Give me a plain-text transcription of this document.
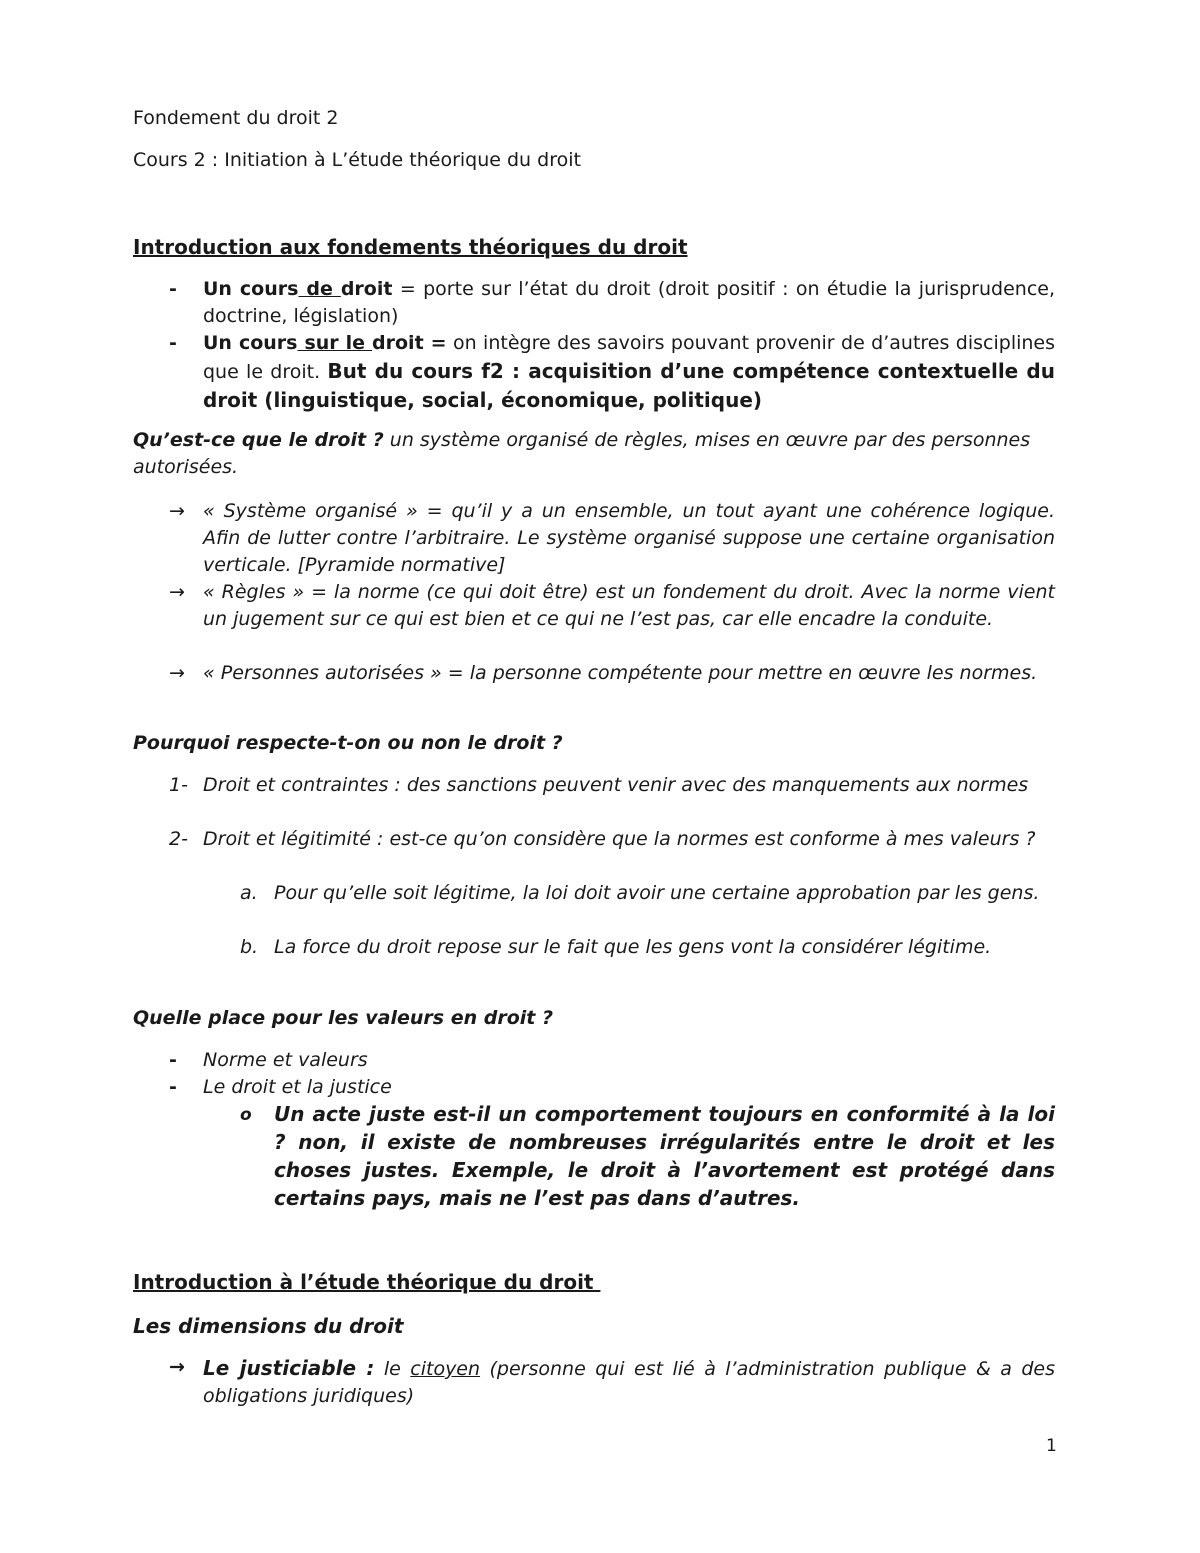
Fondement du droit 2
Cours 2 : Initiation à L’étude théorique du droit
Introduction aux fondements théoriques du droit
-	Un cours de droit = porte sur l’état du droit (droit positif : on étudie la jurisprudence, doctrine, législation)
-	Un cours sur le droit = on intègre des savoirs pouvant provenir de d’autres disciplines que le droit. But du cours f2 : acquisition d’une compétence contextuelle du droit (linguistique, social, économique, politique)
Qu’est-ce que le droit ? un système organisé de règles, mises en œuvre par des personnes autorisées.
→ « Système organisé » = qu’il y a un ensemble, un tout ayant une cohérence logique. Afin de lutter contre l’arbitraire. Le système organisé suppose une certaine organisation verticale. [Pyramide normative]
→ « Règles » = la norme (ce qui doit être) est un fondement du droit. Avec la norme vient un jugement sur ce qui est bien et ce qui ne l’est pas, car elle encadre la conduite.
→ « Personnes autorisées » = la personne compétente pour mettre en œuvre les normes.
Pourquoi respecte-t-on ou non le droit ?
1- Droit et contraintes : des sanctions peuvent venir avec des manquements aux normes
2- Droit et légitimité : est-ce qu’on considère que la normes est conforme à mes valeurs ?
a. Pour qu’elle soit légitime, la loi doit avoir une certaine approbation par les gens.
b. La force du droit repose sur le fait que les gens vont la considérer légitime.
Quelle place pour les valeurs en droit ?
-	Norme et valeurs
-	Le droit et la justice
o	Un acte juste est-il un comportement toujours en conformité à la loi ? non, il existe de nombreuses irrégularités entre le droit et les choses justes. Exemple, le droit à l’avortement est protégé dans certains pays, mais ne l’est pas dans d’autres.
Introduction à l’étude théorique du droit
Les dimensions du droit
→ Le justiciable : le citoyen (personne qui est lié à l’administration publique & a des obligations juridiques)
1
